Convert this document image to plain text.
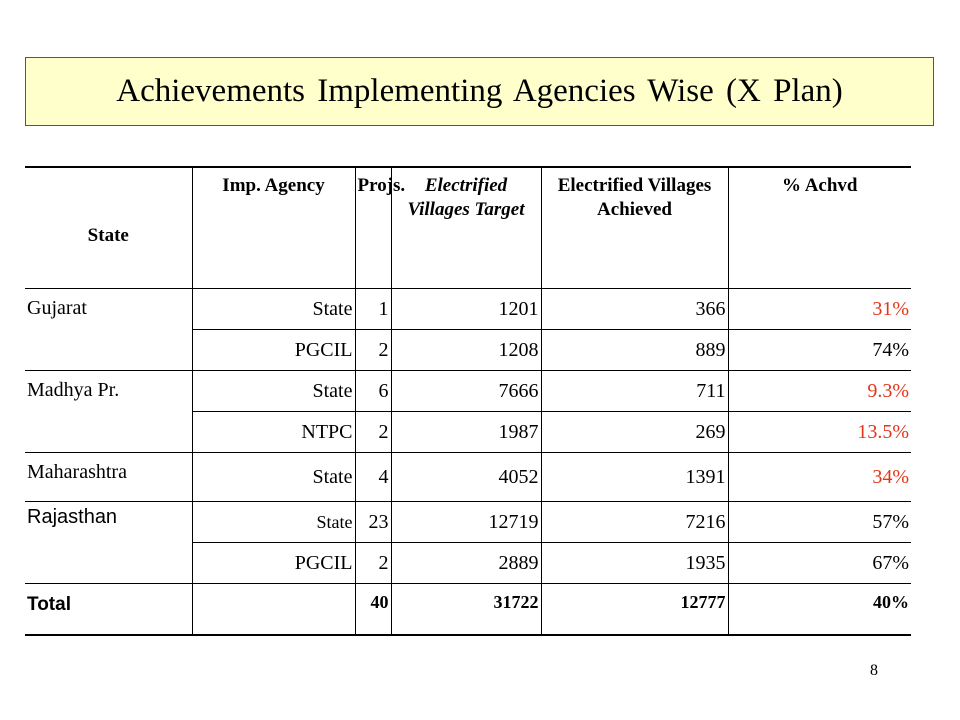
Achievements Implementing Agencies Wise (X Plan)
State	Imp. Agency	Projs.	Electrified Villages Target	Electrified Villages Achieved	% Achvd
Gujarat	State	1	1201	366	31%
	PGCIL	2	1208	889	74%
Madhya Pr.	State	6	7666	711	9.3%
	NTPC	2	1987	269	13.5%
Maharashtra	State	4	4052	1391	34%
Rajasthan	State	23	12719	7216	57%
	PGCIL	2	2889	1935	67%
Total		40	31722	12777	40%
8
